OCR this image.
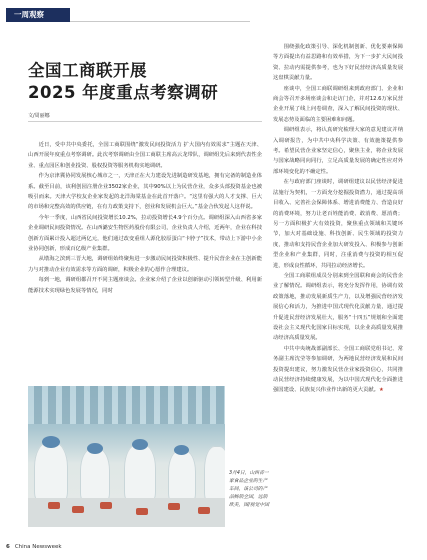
一周观察
全国工商联开展
2025 年度重点考察调研
文/周丽娜

近日，受中共中央委托，全国工商联围绕“激发民间投资活力 扩大国内有效需求”主题在天津、山西开展年度重点考察调研。此次考察调研由全国工商联主席高云龙带队，调研组先后来到代表性企业、重点园区和创业投资、股权投资等服务机构实地调研。

作为京津冀协同发展核心城市之一，天津正在大力建设先进制造研发基地，拥有完备的制造业体系。截至目前，该利创园注册企业3502家企业，其中90%以上为民营企业，众多头部投资基金也被吸引而来。天津大学校友企业家发起的北洋海棠基金在此首开落户。“这里有强大的人才支撑、巨大的市场和完整高效的供应链，在有力政策支持下，创业和发展机会巨大。”基金合伙发起人这样说。

今年一季度，山西省民间投资增长10.2%，拉动投资增长4.9个百分点。调研组深入山西省多家企业调研民间投资情况。在山西潞安生物医药股份有限公司，企业负责人介绍，近两年，企业在科技创新方面累计投入超过两亿元，他们通过改变重组人源化胶原蛋白“卡脖子”技术，带动上下游中小企业协同创新，形成百亿级产业集群。

从墩海之滨到三晋大地，调研组始终聚焦进一步激动民间投资积极性、提升民营企业在主创新能力与对推动企业有效需求等方面的调研，积极企业的心愿作合理建议。

每到一地，调研组都召开不同主题座谈会。企业家介绍了企业以创新驱动引领转型升级、利用新能源技术实现绿色发展等情况，同时

围绕强化政策引导、深化机制创新、优化要素保障等方面提出有益思路和有效举措，为下一步扩大民间投资、拉动内需提供参考，也为下好民营经济高质量发展这盘棋贡献力量。

座谈中，全国工商联调研组来到政府部门、企业和商会等召开多场座谈会和走访门企，并对12.6万家民营企业开展了线上问卷调查，深入了解民间投资的现状、发展态势及面临的主要困难和问题。

调研组表示，将认真研究梳理大家的意见建议并纳入调研报告，为中共中央科学决策、有效施策提供参考。希望民营企业家坚定信心，聚焦主业，将企业发展与国家战略同向同行，立足高质量发展的确定性应对外部环境变化的不确定性。

在与政府部门座谈时，调研组建议以民营经济促进法施行为契机，一方面充分挖掘投资潜力，通过提高项目收入、完善社会保障体系、增进消费能力、营造良好的消费环境，努力让老百姓能消费、敢消费、愿消费；另一方面积极扩大有效投资，聚焦重点领域和关键环节，加大对基础设施、科技创新、民生领域的投资力度，推动和支持民营企业加大研发投入、积极参与创新型企业和产业集群，同时，注重消费与投资的相互促进，形成良性循环，共同拉动经济增长。

全国工商联组成员分别来到全国联和商会的民营企业了解情况。调研组表示，将充分发挥作用，协调有效政策落地，推动发展新质生产力，以及增强民营经济发展信心和活力，为推进中国式现代化贡献力量，通过提升促进民营经济发展壮大，服务“十四五”规划和全面建设社会主义现代化国家目标实现，以企业高质量发展推动经济高质量发展。

中共中央统战部副部长、全国工商联党组书记、常务副主席沈莹等参加调研，为两地民营经济发展和民间投资提出建议，努力激发民营企业家投资信心，共同推动民营经济持续健康发展，为以中国式现代化全面推进强国建设、民族复兴伟业作出新的更大贡献。★

3月4日，山西省一家食品企业的生产车间，该公司的产品畅销全国，远销欧美，图/视觉中国
6 China Newsweek
